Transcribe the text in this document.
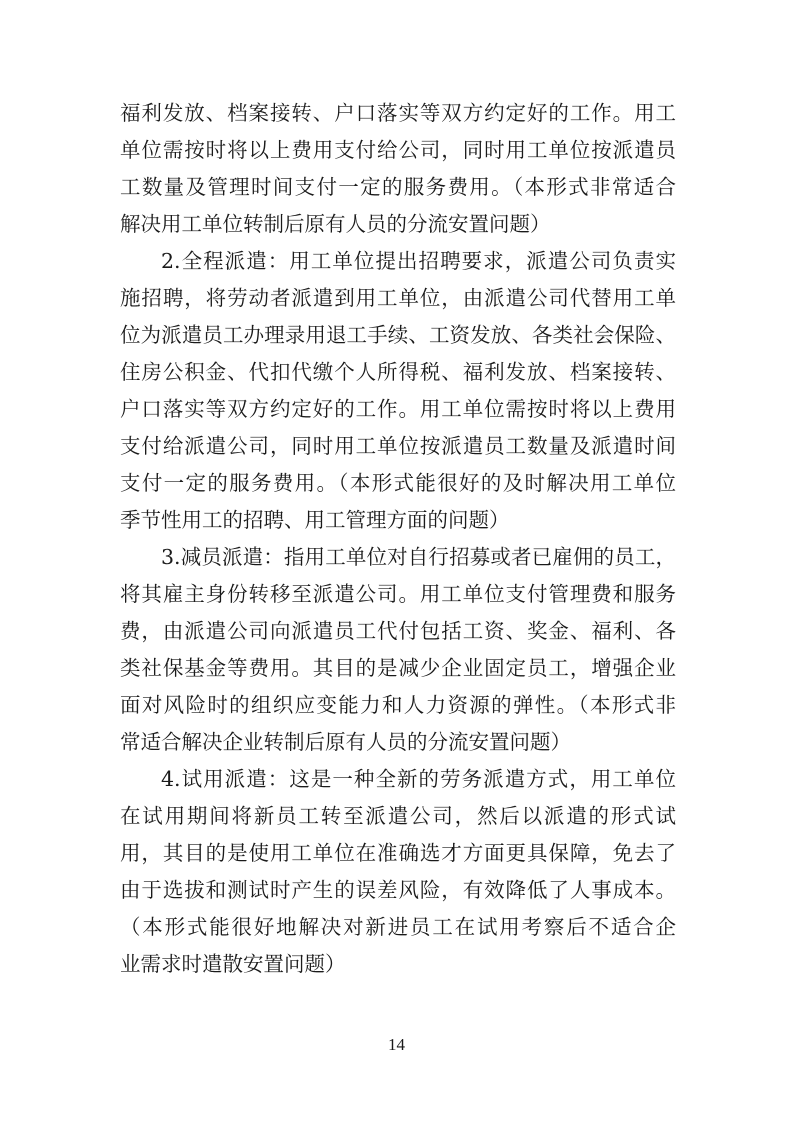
福利发放、档案接转、户口落实等双方约定好的工作。用工
单位需按时将以上费用支付给公司，同时用工单位按派遣员
工数量及管理时间支付一定的服务费用。（本形式非常适合
解决用工单位转制后原有人员的分流安置问题）
2.全程派遣：用工单位提出招聘要求，派遣公司负责实
施招聘，将劳动者派遣到用工单位，由派遣公司代替用工单
位为派遣员工办理录用退工手续、工资发放、各类社会保险、
住房公积金、代扣代缴个人所得税、福利发放、档案接转、
户口落实等双方约定好的工作。用工单位需按时将以上费用
支付给派遣公司，同时用工单位按派遣员工数量及派遣时间
支付一定的服务费用。（本形式能很好的及时解决用工单位
季节性用工的招聘、用工管理方面的问题）
3.减员派遣：指用工单位对自行招募或者已雇佣的员工，
将其雇主身份转移至派遣公司。用工单位支付管理费和服务
费，由派遣公司向派遣员工代付包括工资、奖金、福利、各
类社保基金等费用。其目的是减少企业固定员工，增强企业
面对风险时的组织应变能力和人力资源的弹性。（本形式非
常适合解决企业转制后原有人员的分流安置问题）
4.试用派遣：这是一种全新的劳务派遣方式，用工单位
在试用期间将新员工转至派遣公司，然后以派遣的形式试
用，其目的是使用工单位在准确选才方面更具保障，免去了
由于选拔和测试时产生的误差风险，有效降低了人事成本。
（本形式能很好地解决对新进员工在试用考察后不适合企
业需求时遣散安置问题）
14
